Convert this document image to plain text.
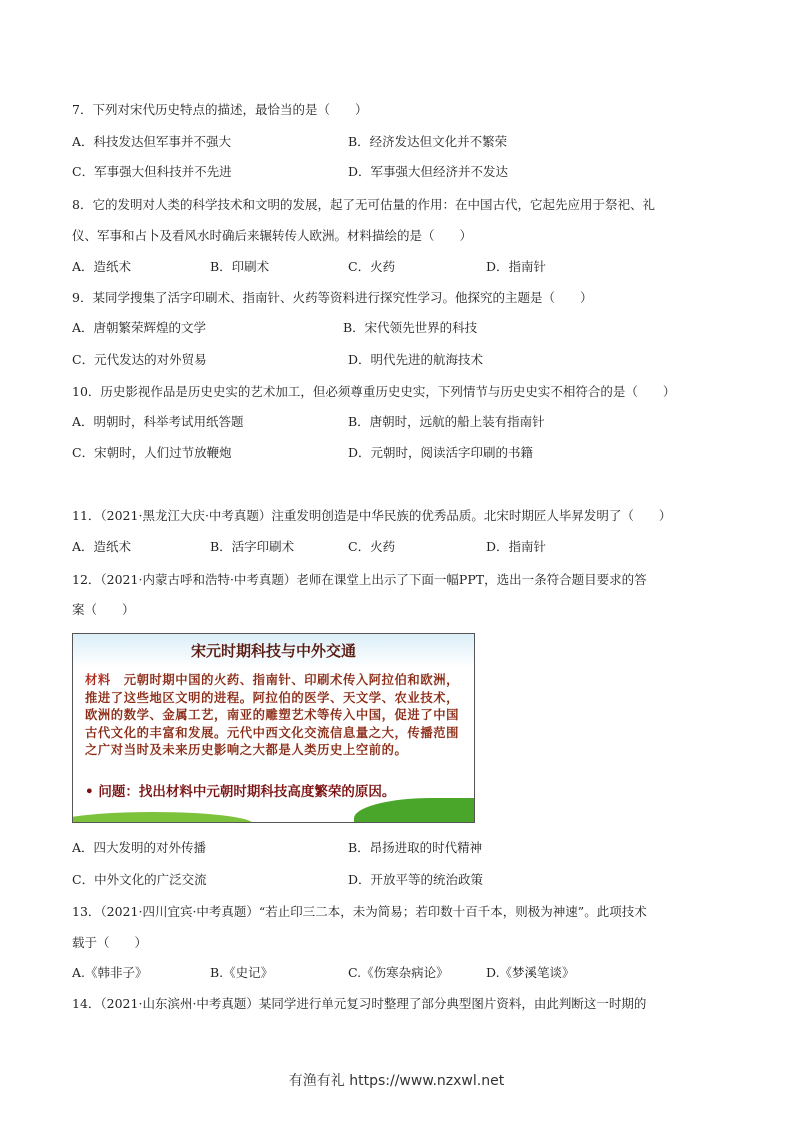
7．下列对宋代历史特点的描述，最恰当的是（　　）
A．科技发达但军事并不强大	B．经济发达但文化并不繁荣
C．军事强大但科技并不先进	D．军事强大但经济并不发达
8．它的发明对人类的科学技术和文明的发展，起了无可估量的作用：在中国古代，它起先应用于祭祀、礼
仪、军事和占卜及看风水时确后来辗转传人欧洲。材料描绘的是（　　）
A．造纸术	B．印刷术	C．火药	D．指南针
9．某同学搜集了活字印刷术、指南针、火药等资料进行探究性学习。他探究的主题是（　　）
A．唐朝繁荣辉煌的文学	B．宋代领先世界的科技
C．元代发达的对外贸易	D．明代先进的航海技术
10．历史影视作品是历史史实的艺术加工，但必须尊重历史史实，下列情节与历史史实不相符合的是（　　）
A．明朝时，科举考试用纸答题	B．唐朝时，远航的船上装有指南针
C．宋朝时，人们过节放鞭炮	D．元朝时，阅读活字印刷的书籍
11．（2021·黑龙江大庆·中考真题）注重发明创造是中华民族的优秀品质。北宋时期匠人毕昇发明了（　　）
A．造纸术	B．活字印刷术	C．火药	D．指南针
12．（2021·内蒙古呼和浩特·中考真题）老师在课堂上出示了下面一幅PPT，选出一条符合题目要求的答
案（　　）
宋元时期科技与中外交通
材料  元朝时期中国的火药、指南针、印刷术传入阿拉伯和欧洲，推进了这些地区文明的进程。阿拉伯的医学、天文学、农业技术，欧洲的数学、金属工艺，南亚的雕塑艺术等传入中国，促进了中国古代文化的丰富和发展。元代中西文化交流信息量之大，传播范围之广对当时及未来历史影响之大都是人类历史上空前的。
• 问题：找出材料中元朝时期科技高度繁荣的原因。
A．四大发明的对外传播	B．昂扬进取的时代精神
C．中外文化的广泛交流	D．开放平等的统治政策
13．（2021·四川宜宾·中考真题）“若止印三二本，未为简易；若印数十百千本，则极为神速”。此项技术
载于（　　）
A.《韩非子》	B.《史记》	C.《伤寒杂病论》	D.《梦溪笔谈》
14．（2021·山东滨州·中考真题）某同学进行单元复习时整理了部分典型图片资料，由此判断这一时期的
有渔有礼 https://www.nzxwl.net
